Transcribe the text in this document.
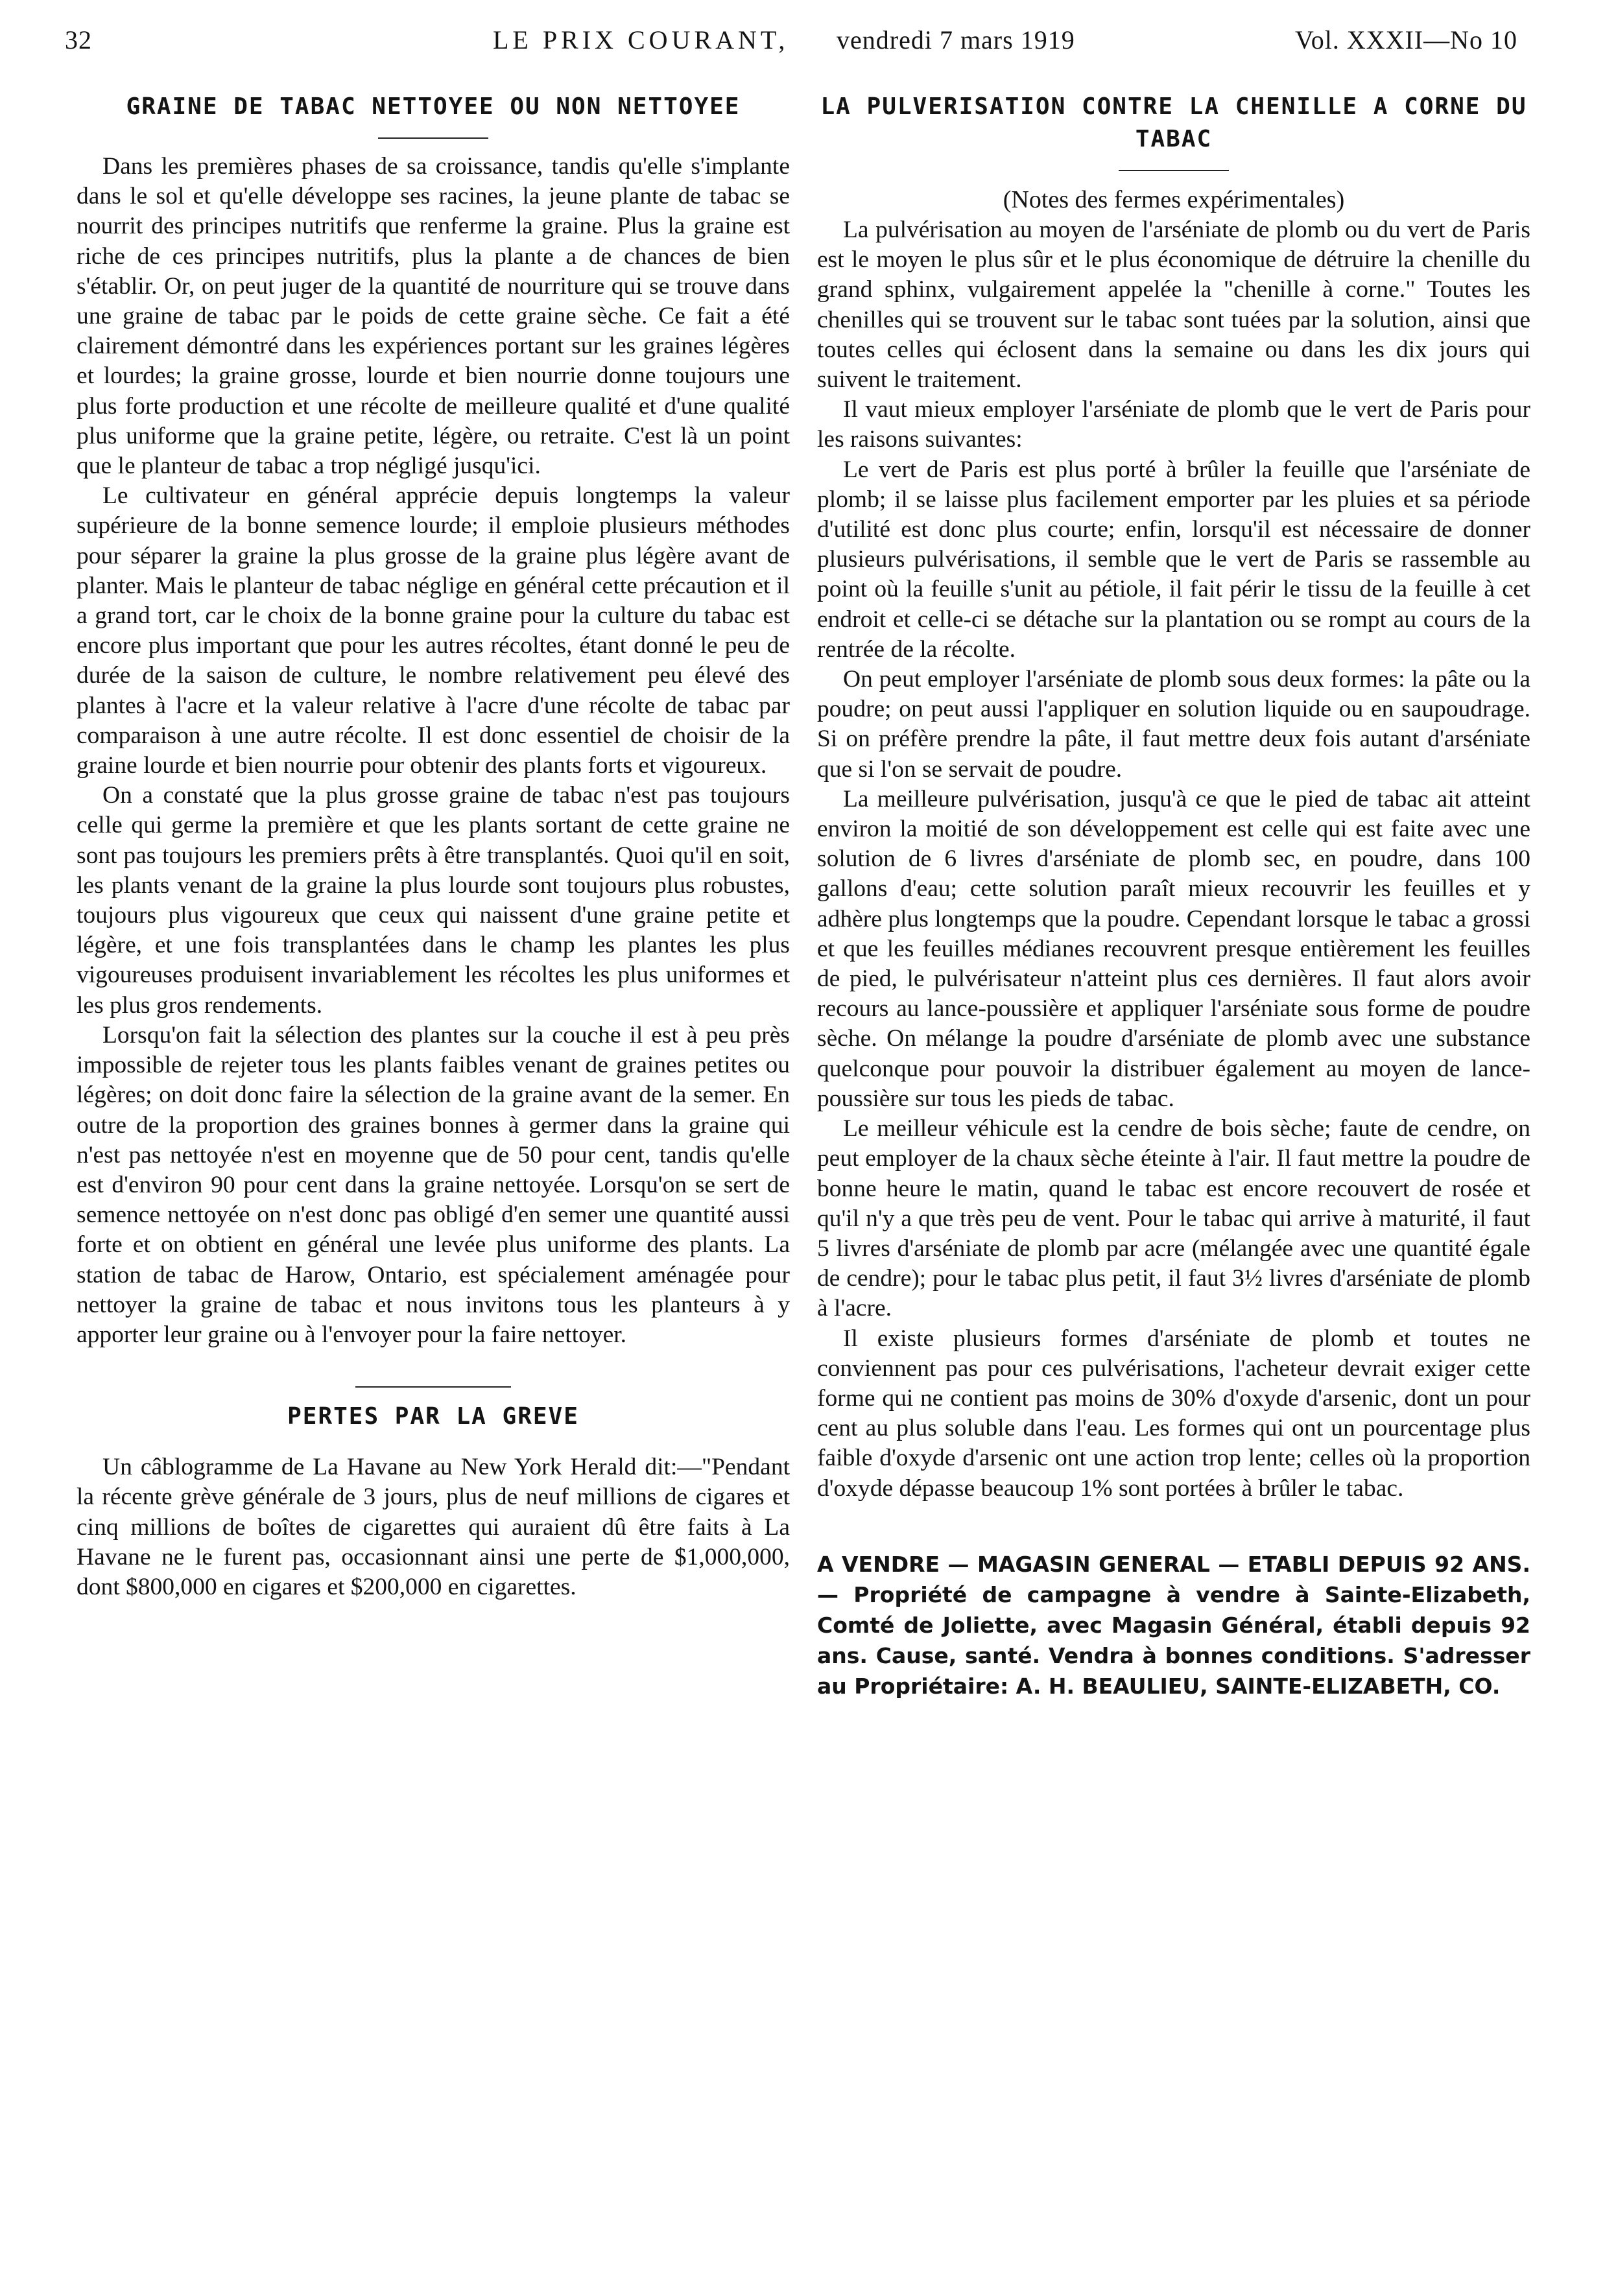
32	LE PRIX COURANT, vendredi 7 mars 1919	Vol. XXXII—No 10
GRAINE DE TABAC NETTOYEE OU NON NETTOYEE

Dans les premières phases de sa croissance, tandis qu'elle s'implante dans le sol et qu'elle développe ses racines, la jeune plante de tabac se nourrit des principes nutritifs que renferme la graine. Plus la graine est riche de ces principes nutritifs, plus la plante a de chances de bien s'établir. Or, on peut juger de la quantité de nourriture qui se trouve dans une graine de tabac par le poids de cette graine sèche. Ce fait a été clairement démontré dans les expériences portant sur les graines légères et lourdes; la graine grosse, lourde et bien nourrie donne toujours une plus forte production et une récolte de meilleure qualité et d'une qualité plus uniforme que la graine petite, légère, ou retraite. C'est là un point que le planteur de tabac a trop négligé jusqu'ici.

Le cultivateur en général apprécie depuis longtemps la valeur supérieure de la bonne semence lourde; il emploie plusieurs méthodes pour séparer la graine la plus grosse de la graine plus légère avant de planter. Mais le planteur de tabac néglige en général cette précaution et il a grand tort, car le choix de la bonne graine pour la culture du tabac est encore plus important que pour les autres récoltes, étant donné le peu de durée de la saison de culture, le nombre relativement peu élevé des plantes à l'acre et la valeur relative à l'acre d'une récolte de tabac par comparaison à une autre récolte. Il est donc essentiel de choisir de la graine lourde et bien nourrie pour obtenir des plants forts et vigoureux.

On a constaté que la plus grosse graine de tabac n'est pas toujours celle qui germe la première et que les plants sortant de cette graine ne sont pas toujours les premiers prêts à être transplantés. Quoi qu'il en soit, les plants venant de la graine la plus lourde sont toujours plus robustes, toujours plus vigoureux que ceux qui naissent d'une graine petite et légère, et une fois transplantées dans le champ les plantes les plus vigoureuses produisent invariablement les récoltes les plus uniformes et les plus gros rendements.

Lorsqu'on fait la sélection des plantes sur la couche il est à peu près impossible de rejeter tous les plants faibles venant de graines petites ou légères; on doit donc faire la sélection de la graine avant de la semer. En outre de la proportion des graines bonnes à germer dans la graine qui n'est pas nettoyée n'est en moyenne que de 50 pour cent, tandis qu'elle est d'environ 90 pour cent dans la graine nettoyée. Lorsqu'on se sert de semence nettoyée on n'est donc pas obligé d'en semer une quantité aussi forte et on obtient en général une levée plus uniforme des plants. La station de tabac de Harow, Ontario, est spécialement aménagée pour nettoyer la graine de tabac et nous invitons tous les planteurs à y apporter leur graine ou à l'envoyer pour la faire nettoyer.

PERTES PAR LA GREVE

Un câblogramme de La Havane au New York Herald dit:—"Pendant la récente grève générale de 3 jours, plus de neuf millions de cigares et cinq millions de boîtes de cigarettes qui auraient dû être faits à La Havane ne le furent pas, occasionnant ainsi une perte de $1,000,000, dont $800,000 en cigares et $200,000 en cigarettes.

LA PULVERISATION CONTRE LA CHENILLE A CORNE DU TABAC

(Notes des fermes expérimentales)

La pulvérisation au moyen de l'arséniate de plomb ou du vert de Paris est le moyen le plus sûr et le plus économique de détruire la chenille du grand sphinx, vulgairement appelée la "chenille à corne." Toutes les chenilles qui se trouvent sur le tabac sont tuées par la solution, ainsi que toutes celles qui éclosent dans la semaine ou dans les dix jours qui suivent le traitement.

Il vaut mieux employer l'arséniate de plomb que le vert de Paris pour les raisons suivantes:

Le vert de Paris est plus porté à brûler la feuille que l'arséniate de plomb; il se laisse plus facilement emporter par les pluies et sa période d'utilité est donc plus courte; enfin, lorsqu'il est nécessaire de donner plusieurs pulvérisations, il semble que le vert de Paris se rassemble au point où la feuille s'unit au pétiole, il fait périr le tissu de la feuille à cet endroit et celle-ci se détache sur la plantation ou se rompt au cours de la rentrée de la récolte.

On peut employer l'arséniate de plomb sous deux formes: la pâte ou la poudre; on peut aussi l'appliquer en solution liquide ou en saupoudrage. Si on préfère prendre la pâte, il faut mettre deux fois autant d'arséniate que si l'on se servait de poudre.

La meilleure pulvérisation, jusqu'à ce que le pied de tabac ait atteint environ la moitié de son développement est celle qui est faite avec une solution de 6 livres d'arséniate de plomb sec, en poudre, dans 100 gallons d'eau; cette solution paraît mieux recouvrir les feuilles et y adhère plus longtemps que la poudre. Cependant lorsque le tabac a grossi et que les feuilles médianes recouvrent presque entièrement les feuilles de pied, le pulvérisateur n'atteint plus ces dernières. Il faut alors avoir recours au lance-poussière et appliquer l'arséniate sous forme de poudre sèche. On mélange la poudre d'arséniate de plomb avec une substance quelconque pour pouvoir la distribuer également au moyen de lance-poussière sur tous les pieds de tabac.

Le meilleur véhicule est la cendre de bois sèche; faute de cendre, on peut employer de la chaux sèche éteinte à l'air. Il faut mettre la poudre de bonne heure le matin, quand le tabac est encore recouvert de rosée et qu'il n'y a que très peu de vent. Pour le tabac qui arrive à maturité, il faut 5 livres d'arséniate de plomb par acre (mélangée avec une quantité égale de cendre); pour le tabac plus petit, il faut 3½ livres d'arséniate de plomb à l'acre.

Il existe plusieurs formes d'arséniate de plomb et toutes ne conviennent pas pour ces pulvérisations, l'acheteur devrait exiger cette forme qui ne contient pas moins de 30% d'oxyde d'arsenic, dont un pour cent au plus soluble dans l'eau. Les formes qui ont un pourcentage plus faible d'oxyde d'arsenic ont une action trop lente; celles où la proportion d'oxyde dépasse beaucoup 1% sont portées à brûler le tabac.

A VENDRE — MAGASIN GENERAL — ETABLI DEPUIS 92 ANS. — Propriété de campagne à vendre à Sainte-Elizabeth, Comté de Joliette, avec Magasin Général, établi depuis 92 ans. Cause, santé. Vendra à bonnes conditions. S'adresser au Propriétaire: A. H. BEAULIEU, SAINTE-ELIZABETH, CO.
